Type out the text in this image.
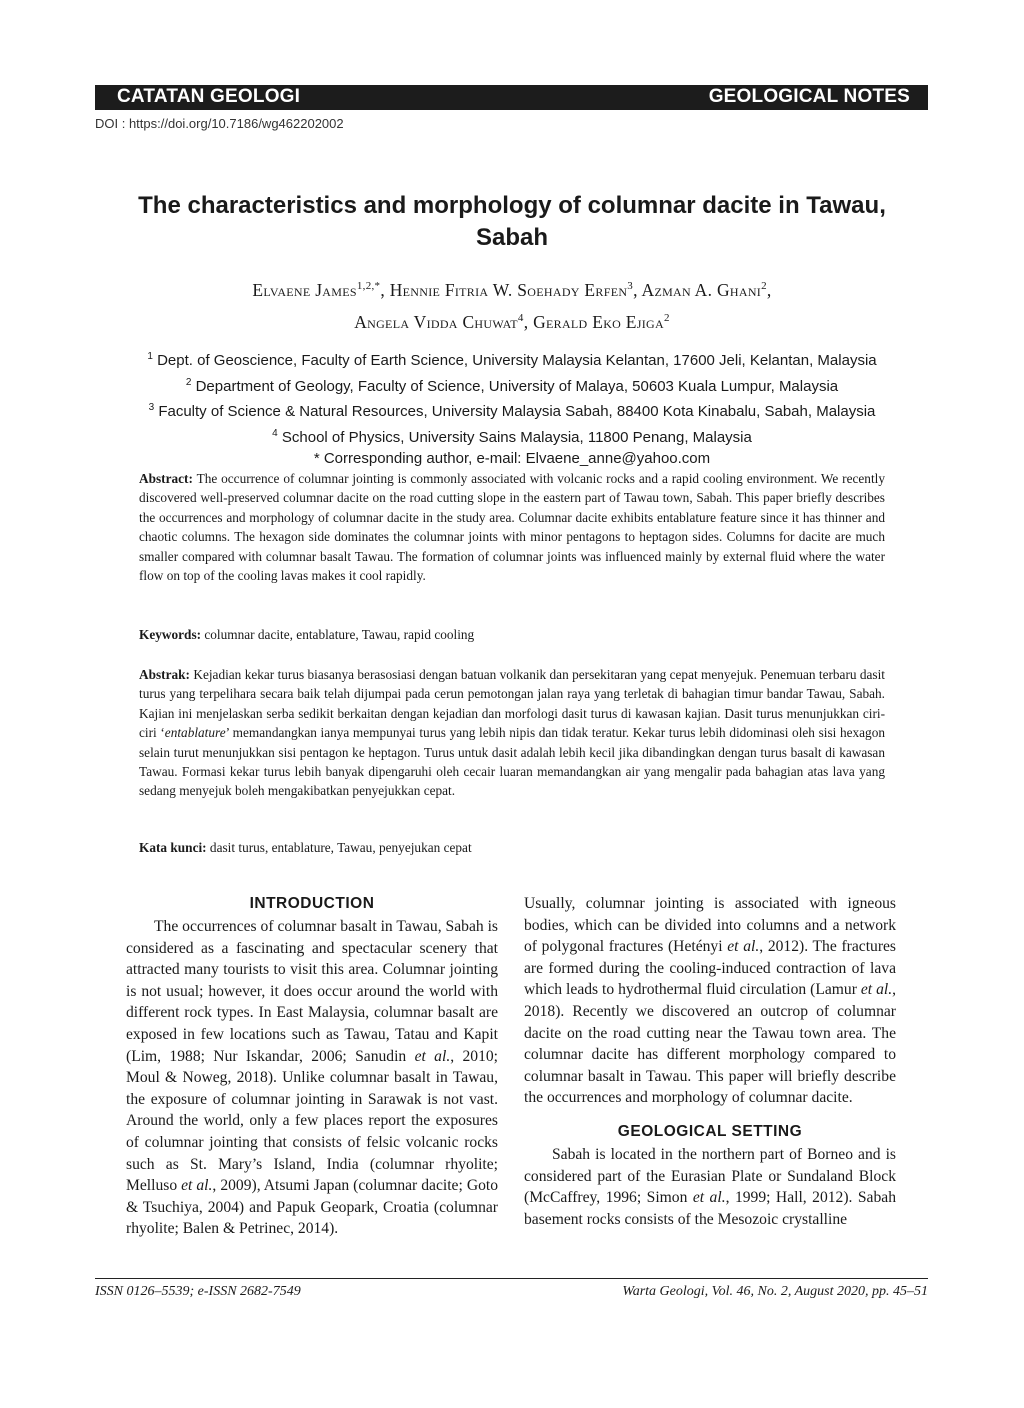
CATATAN GEOLOGI	GEOLOGICAL NOTES
DOI : https://doi.org/10.7186/wg462202002
The characteristics and morphology of columnar dacite in Tawau, Sabah
Elvaene James$^{1,2,*}$, Hennie Fitria W. Soehady Erfen$^3$, Azman A. Ghani$^2$,
Angela Vidda Chuwat$^4$, Gerald Eko Ejiga$^2$
$^1$ Dept. of Geoscience, Faculty of Earth Science, University Malaysia Kelantan, 17600 Jeli, Kelantan, Malaysia
$^2$ Department of Geology, Faculty of Science, University of Malaya, 50603 Kuala Lumpur, Malaysia
$^3$ Faculty of Science & Natural Resources, University Malaysia Sabah, 88400 Kota Kinabalu, Sabah, Malaysia
$^4$ School of Physics, University Sains Malaysia, 11800 Penang, Malaysia
* Corresponding author, e-mail: Elvaene_anne@yahoo.com
Abstract: The occurrence of columnar jointing is commonly associated with volcanic rocks and a rapid cooling environment. We recently discovered well-preserved columnar dacite on the road cutting slope in the eastern part of Tawau town, Sabah. This paper briefly describes the occurrences and morphology of columnar dacite in the study area. Columnar dacite exhibits entablature feature since it has thinner and chaotic columns. The hexagon side dominates the columnar joints with minor pentagons to heptagon sides. Columns for dacite are much smaller compared with columnar basalt Tawau. The formation of columnar joints was influenced mainly by external fluid where the water flow on top of the cooling lavas makes it cool rapidly.
Keywords: columnar dacite, entablature, Tawau, rapid cooling
Abstrak: Kejadian kekar turus biasanya berasosiasi dengan batuan volkanik dan persekitaran yang cepat menyejuk. Penemuan terbaru dasit turus yang terpelihara secara baik telah dijumpai pada cerun pemotongan jalan raya yang terletak di bahagian timur bandar Tawau, Sabah. Kajian ini menjelaskan serba sedikit berkaitan dengan kejadian dan morfologi dasit turus di kawasan kajian. Dasit turus menunjukkan ciri-ciri ‘entablature’ memandangkan ianya mempunyai turus yang lebih nipis dan tidak teratur. Kekar turus lebih didominasi oleh sisi hexagon selain turut menunjukkan sisi pentagon ke heptagon. Turus untuk dasit adalah lebih kecil jika dibandingkan dengan turus basalt di kawasan Tawau. Formasi kekar turus lebih banyak dipengaruhi oleh cecair luaran memandangkan air yang mengalir pada bahagian atas lava yang sedang menyejuk boleh mengakibatkan penyejukkan cepat.
Kata kunci: dasit turus, entablature, Tawau, penyejukan cepat
INTRODUCTION

The occurrences of columnar basalt in Tawau, Sabah is considered as a fascinating and spectacular scenery that attracted many tourists to visit this area. Columnar jointing is not usual; however, it does occur around the world with different rock types. In East Malaysia, columnar basalt are exposed in few locations such as Tawau, Tatau and Kapit (Lim, 1988; Nur Iskandar, 2006; Sanudin et al., 2010; Moul & Noweg, 2018). Unlike columnar basalt in Tawau, the exposure of columnar jointing in Sarawak is not vast. Around the world, only a few places report the exposures of columnar jointing that consists of felsic volcanic rocks such as St. Mary’s Island, India (columnar rhyolite; Melluso et al., 2009), Atsumi Japan (columnar dacite; Goto & Tsuchiya, 2004) and Papuk Geopark, Croatia (columnar rhyolite; Balen & Petrinec, 2014).

Usually, columnar jointing is associated with igneous bodies, which can be divided into columns and a network of polygonal fractures (Hetényi et al., 2012). The fractures are formed during the cooling-induced contraction of lava which leads to hydrothermal fluid circulation (Lamur et al., 2018). Recently we discovered an outcrop of columnar dacite on the road cutting near the Tawau town area. The columnar dacite has different morphology compared to columnar basalt in Tawau. This paper will briefly describe the occurrences and morphology of columnar dacite.

GEOLOGICAL SETTING

Sabah is located in the northern part of Borneo and is considered part of the Eurasian Plate or Sundaland Block (McCaffrey, 1996; Simon et al., 1999; Hall, 2012). Sabah basement rocks consists of the Mesozoic crystalline

ISSN 0126–5539; e-ISSN 2682-7549	Warta Geologi, Vol. 46, No. 2, August 2020, pp. 45–51
